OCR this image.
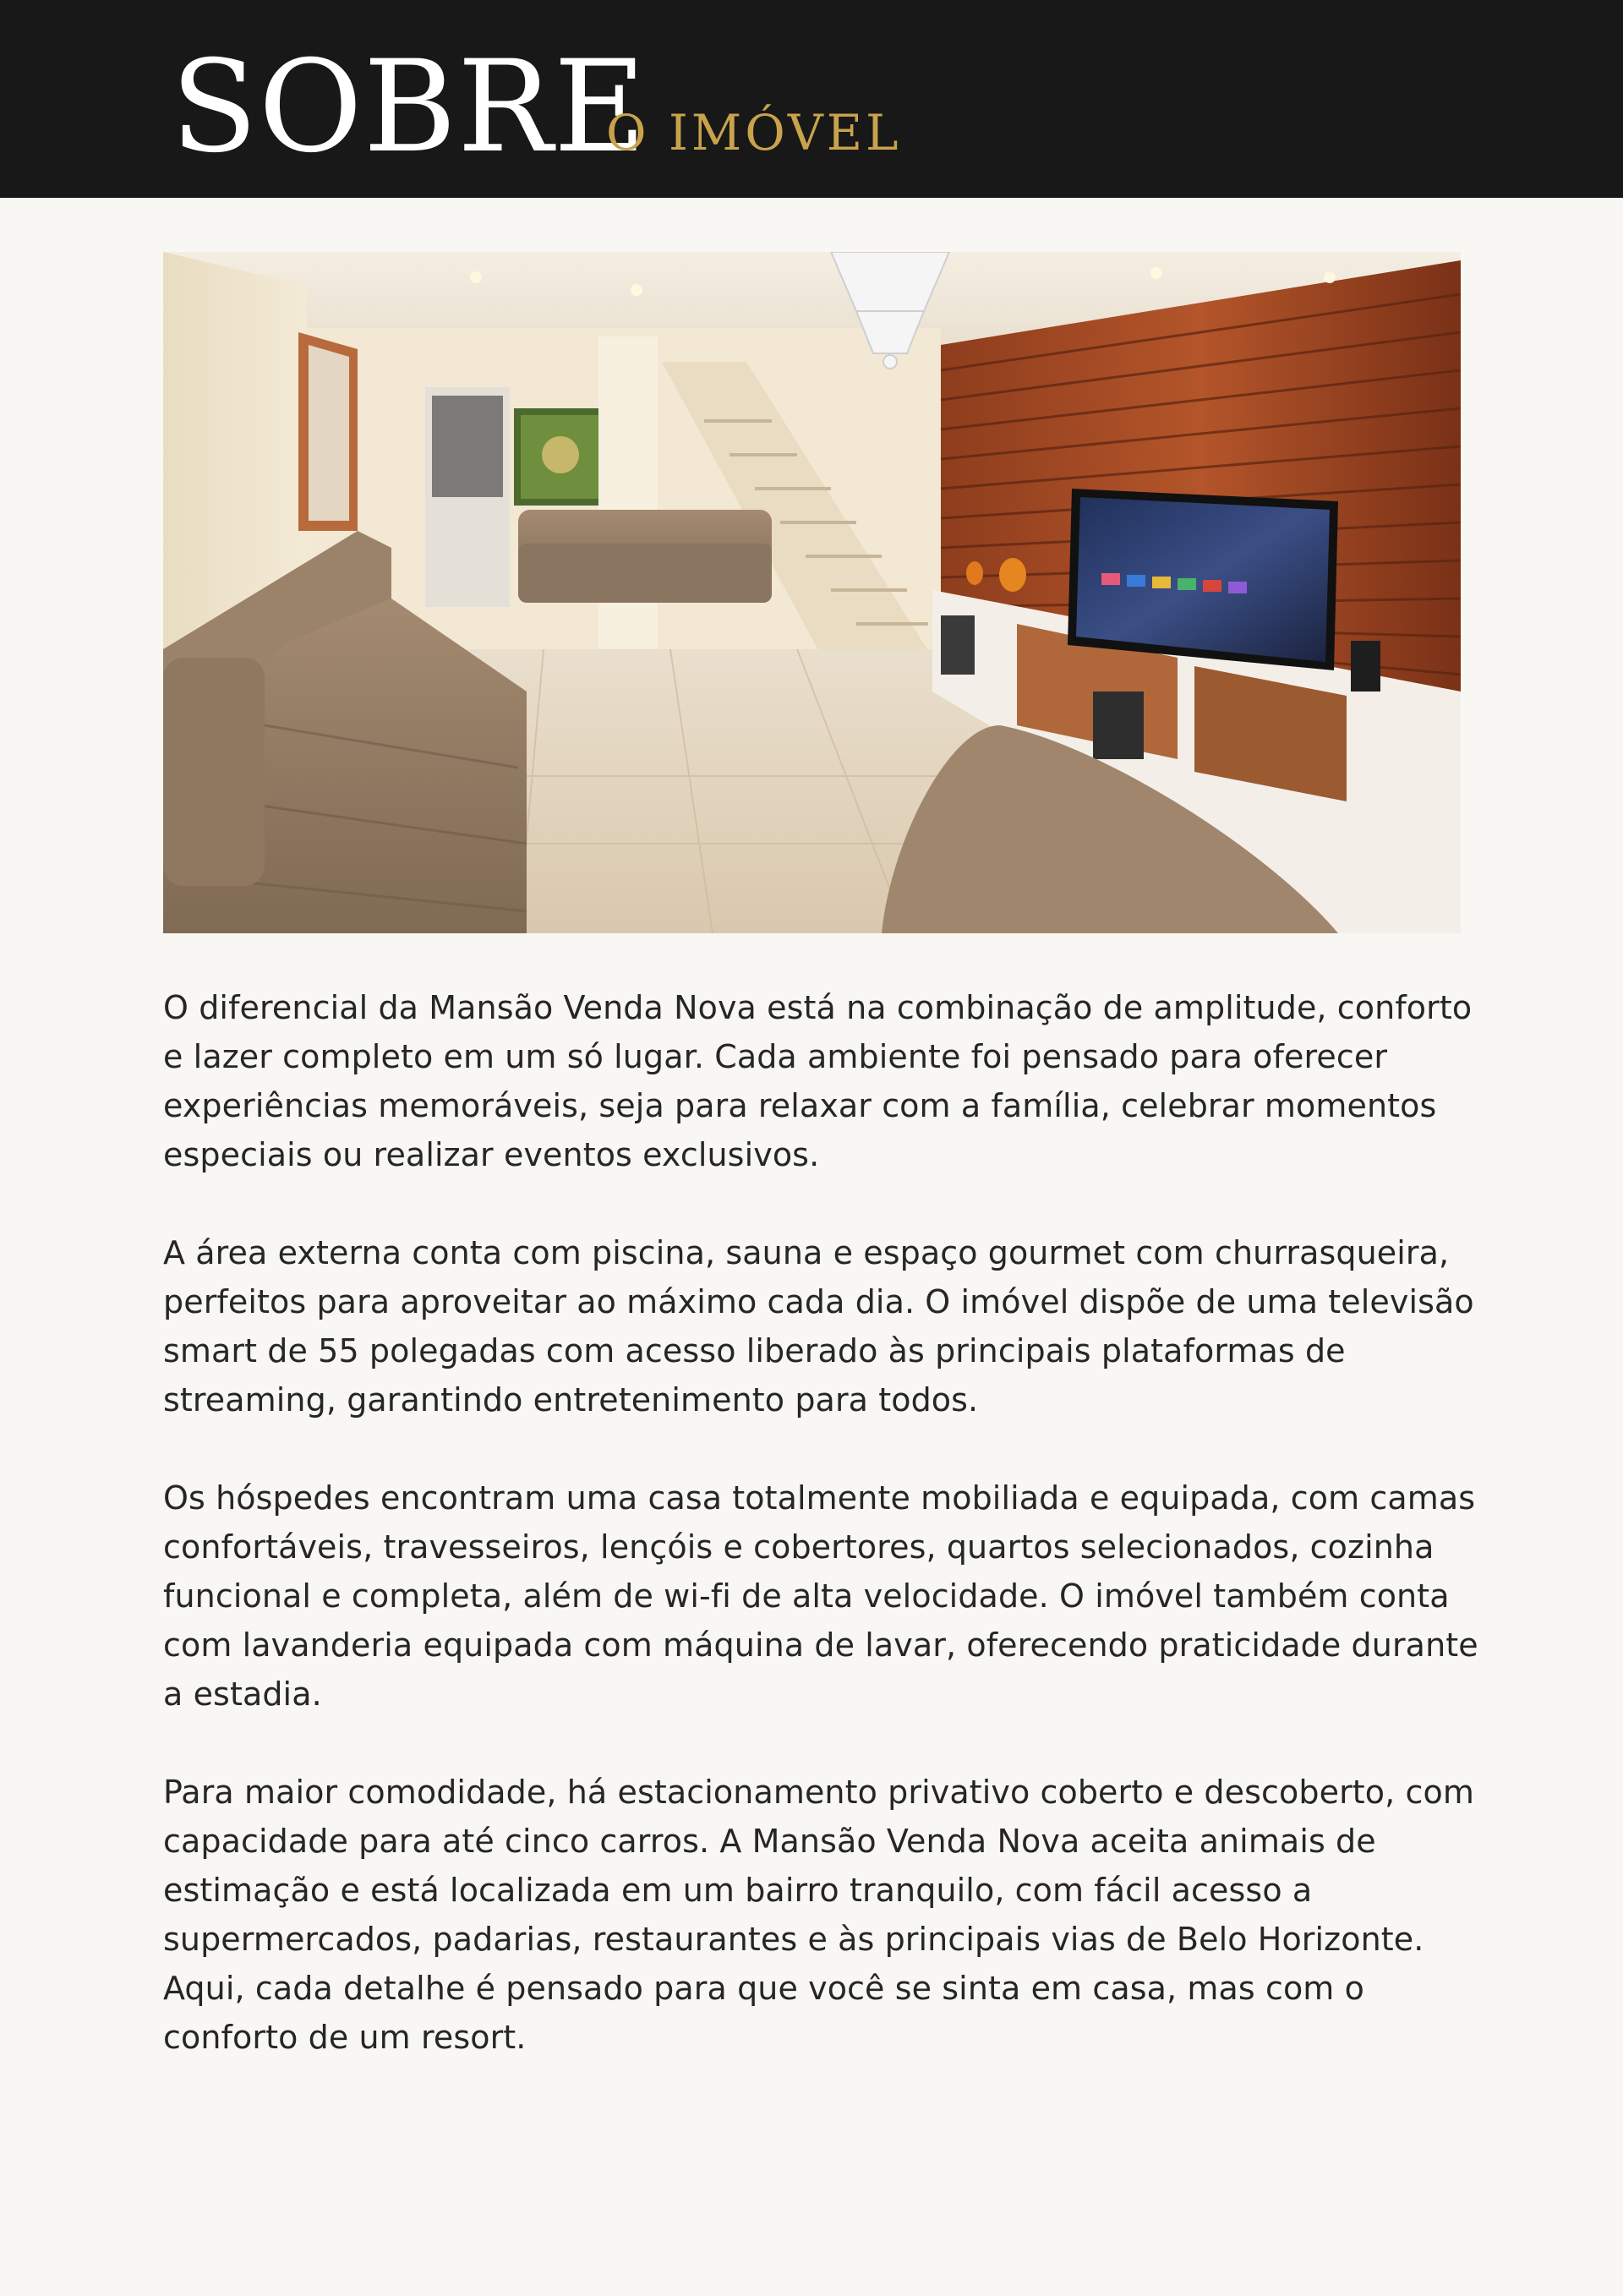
SOBRE
O IMÓVEL

O diferencial da Mansão Venda Nova está na combinação de amplitude, conforto e lazer completo em um só lugar. Cada ambiente foi pensado para oferecer experiências memoráveis, seja para relaxar com a família, celebrar momentos especiais ou realizar eventos exclusivos.

A área externa conta com piscina, sauna e espaço gourmet com churrasqueira, perfeitos para aproveitar ao máximo cada dia. O imóvel dispõe de uma televisão smart de 55 polegadas com acesso liberado às principais plataformas de streaming, garantindo entretenimento para todos.

Os hóspedes encontram uma casa totalmente mobiliada e equipada, com camas confortáveis, travesseiros, lençóis e cobertores, quartos selecionados, cozinha funcional e completa, além de wi-fi de alta velocidade. O imóvel também conta com lavanderia equipada com máquina de lavar, oferecendo praticidade durante a estadia.

Para maior comodidade, há estacionamento privativo coberto e descoberto, com capacidade para até cinco carros. A Mansão Venda Nova aceita animais de estimação e está localizada em um bairro tranquilo, com fácil acesso a supermercados, padarias, restaurantes e às principais vias de Belo Horizonte. Aqui, cada detalhe é pensado para que você se sinta em casa, mas com o conforto de um resort.
